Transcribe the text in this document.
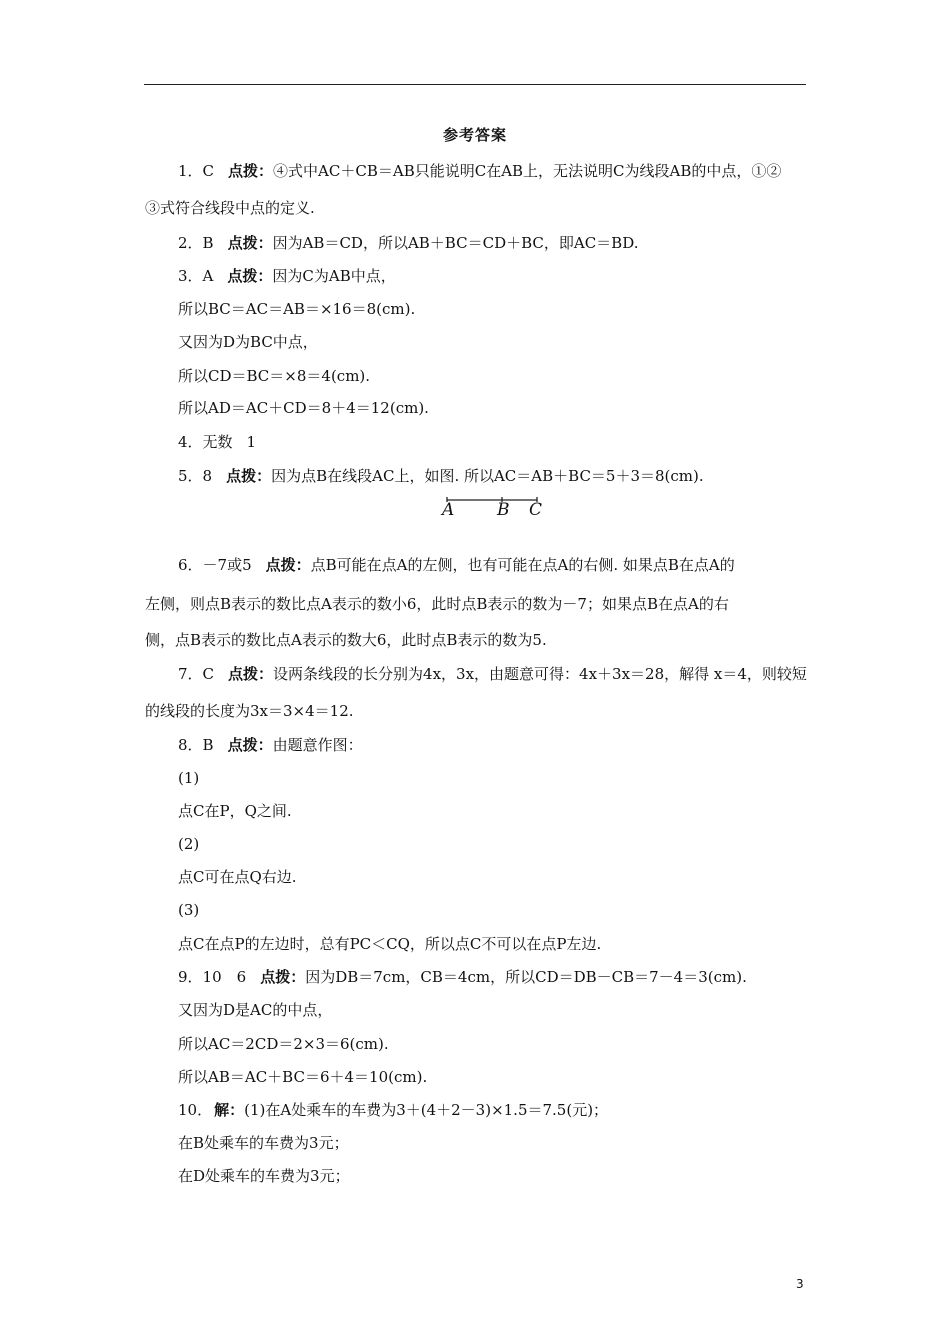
参考答案
1．C 点拨：④式中AC＋CB＝AB只能说明C在AB上，无法说明C为线段AB的中点，①②
③式符合线段中点的定义.
2．B 点拨：因为AB＝CD，所以AB＋BC＝CD＋BC，即AC＝BD.
3．A 点拨：因为C为AB中点，
所以BC＝AC＝AB＝×16＝8(cm).
又因为D为BC中点，
所以CD＝BC＝×8＝4(cm).
所以AD＝AC＋CD＝8＋4＝12(cm).
4．无数 1
5．8 点拨：因为点B在线段AC上，如图. 所以AC＝AB＋BC＝5＋3＝8(cm).
A	B C
6．－7或5 点拨：点B可能在点A的左侧，也有可能在点A的右侧. 如果点B在点A的
左侧，则点B表示的数比点A表示的数小6，此时点B表示的数为－7；如果点B在点A的右
侧，点B表示的数比点A表示的数大6，此时点B表示的数为5.
7．C 点拨：设两条线段的长分别为4x，3x，由题意可得：4x＋3x＝28，解得 x＝4，则较短
的线段的长度为3x＝3×4＝12.
8．B 点拨：由题意作图：
(1)
点C在P，Q之间.
(2)
点C可在点Q右边.
(3)
点C在点P的左边时，总有PC＜CQ，所以点C不可以在点P左边.
9．10　6 点拨：因为DB＝7cm，CB＝4cm，所以CD＝DB－CB＝7－4＝3(cm).
又因为D是AC的中点，
所以AC＝2CD＝2×3＝6(cm).
所以AB＝AC＋BC＝6＋4＝10(cm).
10． 解：(1)在A处乘车的车费为3＋(4＋2－3)×1.5＝7.5(元)；
在B处乘车的车费为3元；
在D处乘车的车费为3元；
3
